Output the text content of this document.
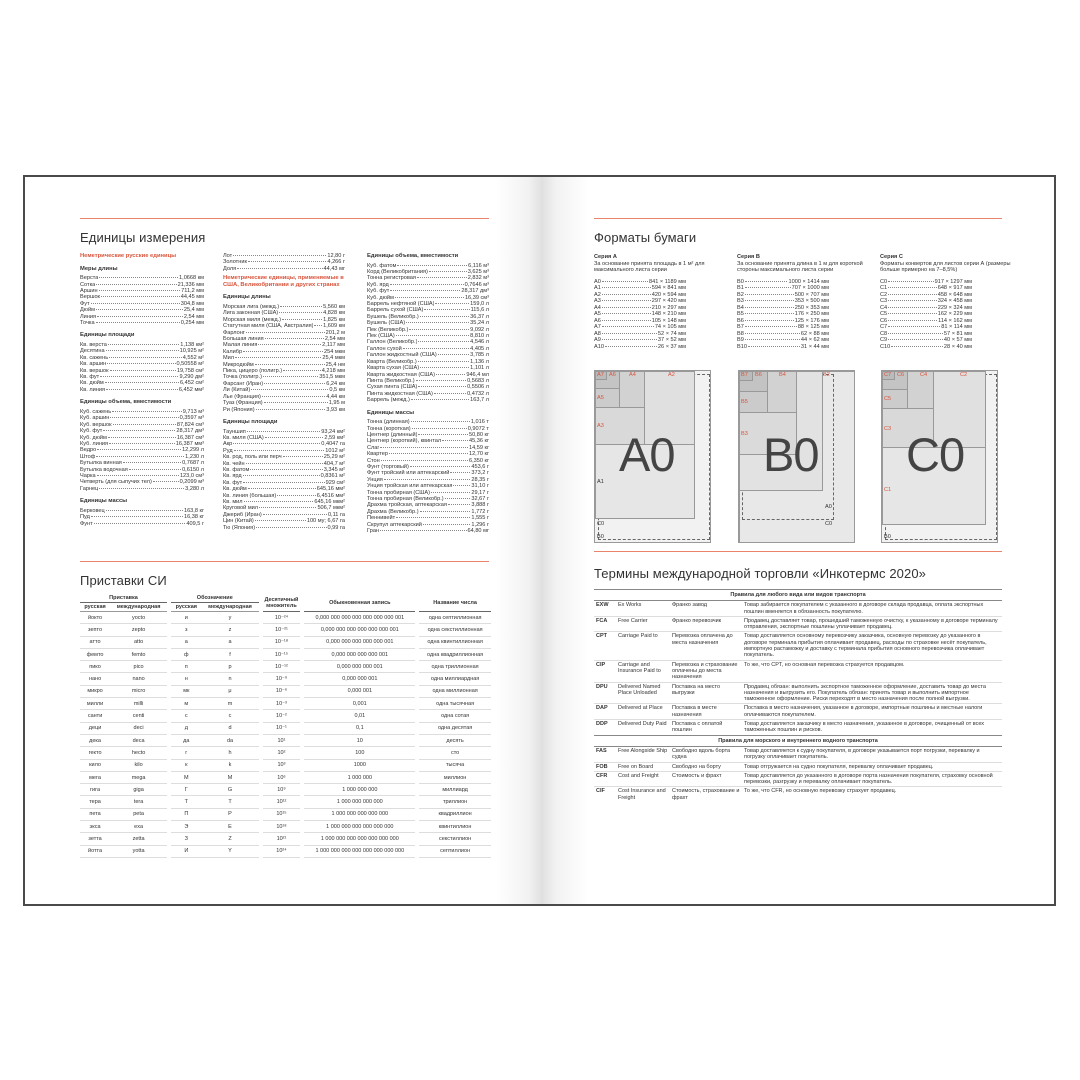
Единицы измерения
Неметрические русские единицы
Меры длины
Верста	1,0668 км
Сотка	21,336 мм
Аршин	711,2 мм
Вершок	44,45 мм
Фут	304,8 мм
Дюйм	25,4 мм
Линия	2,54 мм
Точка	0,254 мм
Единицы площади
Кв. верста	1,138 км²
Десятина	10,925 м²
Кв. сажень	4,552 м²
Кв. аршин	0,50558 м²
Кв. вершок	19,758 см²
Кв. фут	9,290 дм²
Кв. дюйм	6,452 см²
Кв. линия	6,452 мм²
Единицы объема, вместимости
Куб. сажень	9,713 м³
Куб. аршин	0,3597 м³
Куб. вершок	87,824 см³
Куб. фут	28,317 дм³
Куб. дюйм	16,387 см³
Куб. линия	16,387 мм³
Ведро	12,299 л
Штоф	1,230 л
Бутылка винная	0,7687 л
Бутылка водочная	0,6150 л
Чарка	123,0 см³
Четверть (для сыпучих тел)	0,2099 м³
Гарнец	3,280 л
Единицы массы
Берковец	163,8 кг
Пуд	16,38 кг
Фунт	409,5 г
Лот	12,80 г
Золотник	4,266 г
Доля	44,43 мг
Неметрические единицы, применяемые в США, Великобритании и других странах
Единицы длины
Морская лига (межд.)	5,560 км
Лига законная (США)	4,828 км
Морская миля (межд.)	1,825 км
Статутная миля (США, Австралия) 1,609 км
Фарлонг	201,2 м
Большая линия	2,54 мм
Малая линия	2,117 мм
Калибр	254 мкм
Мил	25,4 мкм
Микродюйм	25,4 нм
Пика, цицеро (полигр.)	4,218 мм
Точка (полигр.)	351,5 мкм
Фарсанг (Иран)	6,24 км
Ли (Китай)	0,5 км
Лье (Франция)	4,44 км
Туаз (Франция)	1,95 м
Ри (Япония)	3,93 км
Единицы площади
Тауншип	93,24 км²
Кв. миля (США)	2,59 км²
Акр	0,4047 га
Руд	1012 м²
Кв. род, поль или перч	25,29 м²
Кв. чейн	404,7 м²
Кв. фатом	3,345 м²
Кв. ярд	0,8361 м²
Кв. фут	929 см²
Кв. дюйм	645,16 мм²
Кв. линия (большая)	6,4516 мм²
Кв. мил	645,16 мкм²
Круговой мил	506,7 мкм²
Джериб (Иран)	0,11 га
Цин (Китай)	100 му; 6,67 га
Тю (Япония)	0,99 га
Единицы объема, вместимости
Куб. фатом	6,116 м³
Корд (Великобритания)	3,625 м³
Тонна регистровая	2,832 м³
Куб. ярд	0,7646 м³
Куб. фут	28,317 дм³
Куб. дюйм	16,39 см³
Баррель нефтяной (США)	159,0 л
Баррель сухой (США)	115,6 л
Бушель (Великобр.)	36,37 л
Бушель (США)	35,24 л
Пек (Великобр.)	9,092 л
Пек (США)	8,810 л
Галлон (Великобр.)	4,546 л
Галлон сухой	4,405 л
Галлон жидкостный (США)	3,785 л
Кварта (Великобр.)	1,136 л
Кварта сухая (США)	1,101 л
Кварта жидкостная (США)	946,4 мл
Пинта (Великобр.)	0,5683 л
Сухая пинта (США)	0,5506 л
Пинта жидкостная (США)	0,4732 л
Баррель (межд.)	163,7 л
Единицы массы
Тонна (длинная)	1,016 т
Тонна (короткая)	0,9072 т
Центнер (длинный)	50,80 кг
Центнер (короткий), квинтал	45,36 кг
Слаг	14,59 кг
Квартер	12,70 кг
Стон	6,350 кг
Фунт (торговый)	453,6 г
Фунт тройский или аптекарский	373,2 г
Унция	28,35 г
Унция тройская или аптекарская	31,10 г
Тонна пробирная (США)	29,17 г
Тонна пробирная (Великобр.)	32,67 г
Драхма тройская, аптекарская	3,888 г
Драхма (Великобр.)	1,772 г
Пеннивейт	1,555 г
Скрупул аптекарский	1,296 г
Гран	64,80 мг
Приставки СИ
Приставка		Обозначение		Десятичный множитель	Обыкновенная запись	Название числа
русская	международная	русская	международная			
йокто	yocto	и	y	10⁻²⁴	0,000 000 000 000 000 000 000 001	одна септиллионная
зепто	zepto	з	z	10⁻²¹	0,000 000 000 000 000 000 001	одна секстиллионная
атто	atto	а	a	10⁻¹⁸	0,000 000 000 000 000 001	одна квинтиллионная
фемто	femto	ф	f	10⁻¹⁵	0,000 000 000 000 001	одна квадриллионная
пико	pico	п	p	10⁻¹²	0,000 000 000 001	одна триллионная
нано	nano	н	n	10⁻⁹	0,000 000 001	одна миллиардная
микро	micro	мк	μ	10⁻⁶	0,000 001	одна миллионная
милли	milli	м	m	10⁻³	0,001	одна тысячная
санти	centi	с	c	10⁻²	0,01	одна сотая
деци	deci	д	d	10⁻¹	0,1	одна десятая
дека	deca	да	da	10¹	10	десять
гекто	hecto	г	h	10²	100	сто
кило	kilo	к	k	10³	1000	тысяча
мега	mega	М	M	10⁶	1 000 000	миллион
гига	giga	Г	G	10⁹	1 000 000 000	миллиард
тера	tera	Т	T	10¹²	1 000 000 000 000	триллион
пета	peta	П	P	10¹⁵	1 000 000 000 000 000	квадриллион
экса	exa	Э	E	10¹⁸	1 000 000 000 000 000 000	квинтиллион
зетта	zetta	З	Z	10²¹	1 000 000 000 000 000 000 000	секстиллион
йотта	yotta	И	Y	10²⁴	1 000 000 000 000 000 000 000 000	септиллион
Форматы бумаги
Серия А
За основание принята площадь в 1 м² для максимального листа серии
A0	841 × 1189 мм
A1	594 × 841 мм
A2	420 × 594 мм
A3	297 × 420 мм
A4	210 × 297 мм
A5	148 × 210 мм
A6	105 × 148 мм
A7	74 × 105 мм
A8	52 × 74 мм
A9	37 × 52 мм
A10	26 × 37 мм
Серия В
За основание принята длина в 1 м для короткой стороны максимального листа серии
B0	1000 × 1414 мм
B1	707 × 1000 мм
B2	500 × 707 мм
B3	353 × 500 мм
B4	250 × 353 мм
B5	176 × 250 мм
B6	125 × 176 мм
B7	88 × 125 мм
B8	62 × 88 мм
B9	44 × 62 мм
B10	31 × 44 мм
Серия С
Форматы конвертов для листов серии А (размеры больше примерно на 7–8,5%)
C0	917 × 1297 мм
C1	648 × 917 мм
C2	458 × 648 мм
C3	324 × 458 мм
C4	229 × 324 мм
C5	162 × 229 мм
C6	114 × 162 мм
C7	81 × 114 мм
C8	57 × 81 мм
C9	40 × 57 мм
C10	28 × 40 мм
A7 A6 A4	A2
A5
A3
A1
A0
C0
B0
B7 B6	B4	B2
B5
B3 B0
A0
C0
C7 C6	C4	C2
C5
C3
C1
C0
B0
Термины международной торговли «Инкотермс 2020»
Правила для любого вида или видов транспорта			
EXW	Ex Works	Франко завод	Товар забирается покупателем с указанного в договоре склада продавца, оплата экспортных пошлин вменяется в обязанность покупателю.
FCA	Free Carrier	Франко перевозчик	Продавец доставляет товар, прошедший таможенную очистку, к указанному в договоре терминалу отправления, экспортные пошлины уплачивает продавец.
CPT	Carriage Paid to	Перевозка оплачена до места назначения	Товар доставляется основному перевозчику заказчика, основную перевозку до указанного в договоре терминала прибытия оплачивает продавец, расходы по страховке несёт покупатель, импортную растаможку и доставку с терминала прибытия основного перевозчика оплачивает покупатель.
CIP	Carriage and Insurance Paid to	Перевозка и страхование оплачены до места назначения	То же, что CPT, но основная перевозка страхуется продавцом.
DPU	Delivered Named Place Unloaded	Поставка на место выгрузки	Продавец обязан: выполнить экспортное таможенное оформление, доставить товар до места назначения и выгрузить его. Покупатель обязан: принять товар и выполнить импортное таможенное оформление. Риски переходят в место назначения после полной выгрузки.
DAP	Delivered at Place	Поставка в месте назначения	Поставка в место назначения, указанное в договоре, импортные пошлины и местные налоги оплачиваются покупателем.
DDP	Delivered Duty Paid	Поставка с оплатой пошлин	Товар доставляется заказчику в место назначения, указанное в договоре, очищенный от всех таможенных пошлин и рисков.
Правила для морского и внутреннего водного транспорта			
FAS	Free Alongside Ship	Свободно вдоль борта судна	Товар доставляется к судну покупателя, в договоре указывается порт погрузки, перевалку и погрузку оплачивает покупатель.
FOB	Free on Board	Свободно на борту	Товар отгружается на судно покупателя, перевалку оплачивает продавец.
CFR	Cost and Freight	Стоимость и фрахт	Товар доставляется до указанного в договоре порта назначения покупателя, страховку основной перевозки, разгрузку и перевалку оплачивает покупатель.
CIF	Cost Insurance and Freight	Стоимость, страхование и фрахт	То же, что CFR, но основную перевозку страхует продавец.
